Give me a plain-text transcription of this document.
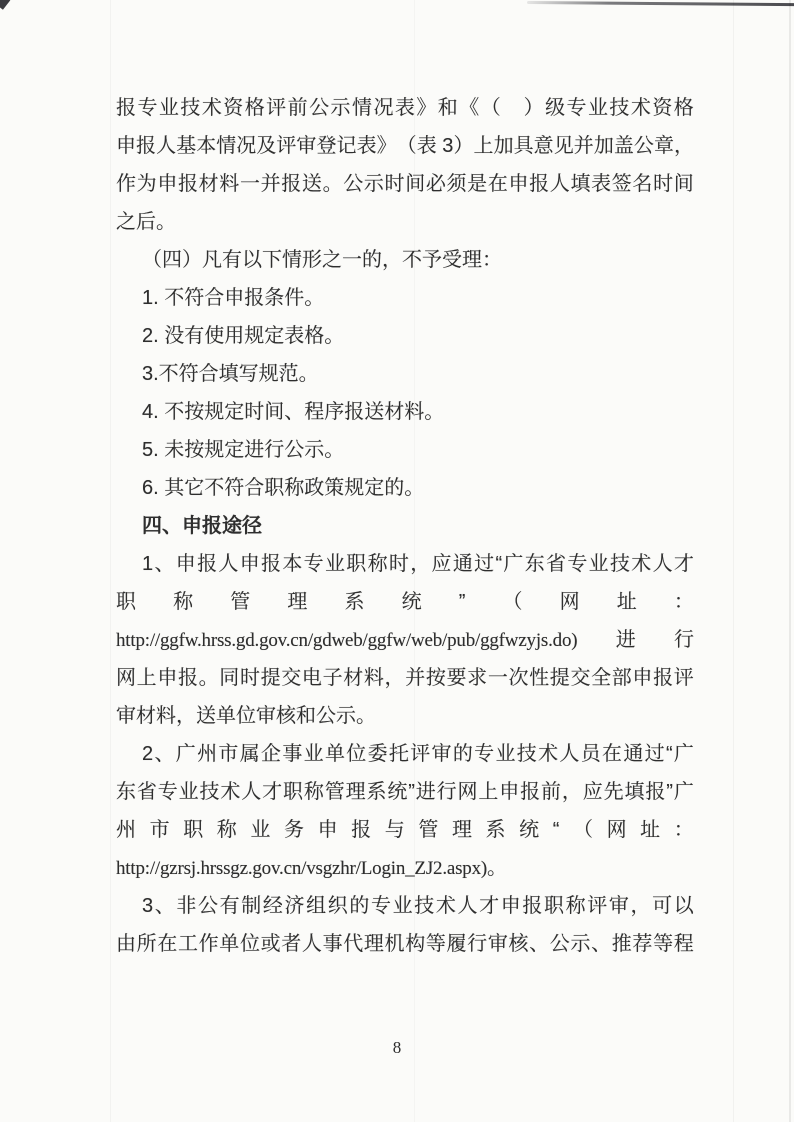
报 专 业 技 术 资 格 评 前 公 示 情 况 表 》 和 《 （
　 ） 级 专 业 技 术 资 格
申 报 人 基 本 情 况 及 评 审 登 记 表 》 （ 表 3 ） 上 加 具 意 见 并 加 盖 公 章 ，
作 为 申 报 材 料 一 并 报 送 。 公 示 时 间 必 须 是 在 申 报 人 填 表 签 名 时 间
之后。
（四）凡有以下情形之一的，不予受理：
1. 不符合申报条件。
2. 没有使用规定表格。
3.不符合填写规范。
4. 不按规定时间、程序报送材料。
5. 未按规定进行公示。
6. 其它不符合职称政策规定的。
四、申报途径
1 、 申 报 人 申 报 本 专 业 职 称 时 ， 应 通 过 “ 广 东 省 专 业 技 术 人 才
职 称 管 理 系 统 ” （ 网 址 ：
http://ggfw.hrss.gd.gov.cn/gdweb/ggfw/web/pub/ggfwzyjs.do) 进 行
网 上 申 报 。 同 时 提 交 电 子 材 料 ， 并 按 要 求 一 次 性 提 交 全 部 申 报 评
审材料，送单位审核和公示。
2 、 广 州 市 属 企 事 业 单 位 委 托 评 审 的 专 业 技 术 人 员 在 通 过 “ 广
东 省 专 业 技 术 人 才 职 称 管 理 系 统 ” 进 行 网 上 申 报 前 ， 应 先 填 报 ” 广
州 市 职 称 业 务 申 报 与 管 理 系 统 “ （ 网 址 ：
http://gzrsj.hrssgz.gov.cn/vsgzhr/Login_ZJ2.aspx)。
3 、 非 公 有 制 经 济 组 织 的 专 业 技 术 人 才 申 报 职 称 评 审 ， 可 以
由 所 在 工 作 单 位 或 者 人 事 代 理 机 构 等 履 行 审 核 、 公 示 、 推 荐 等 程
8
